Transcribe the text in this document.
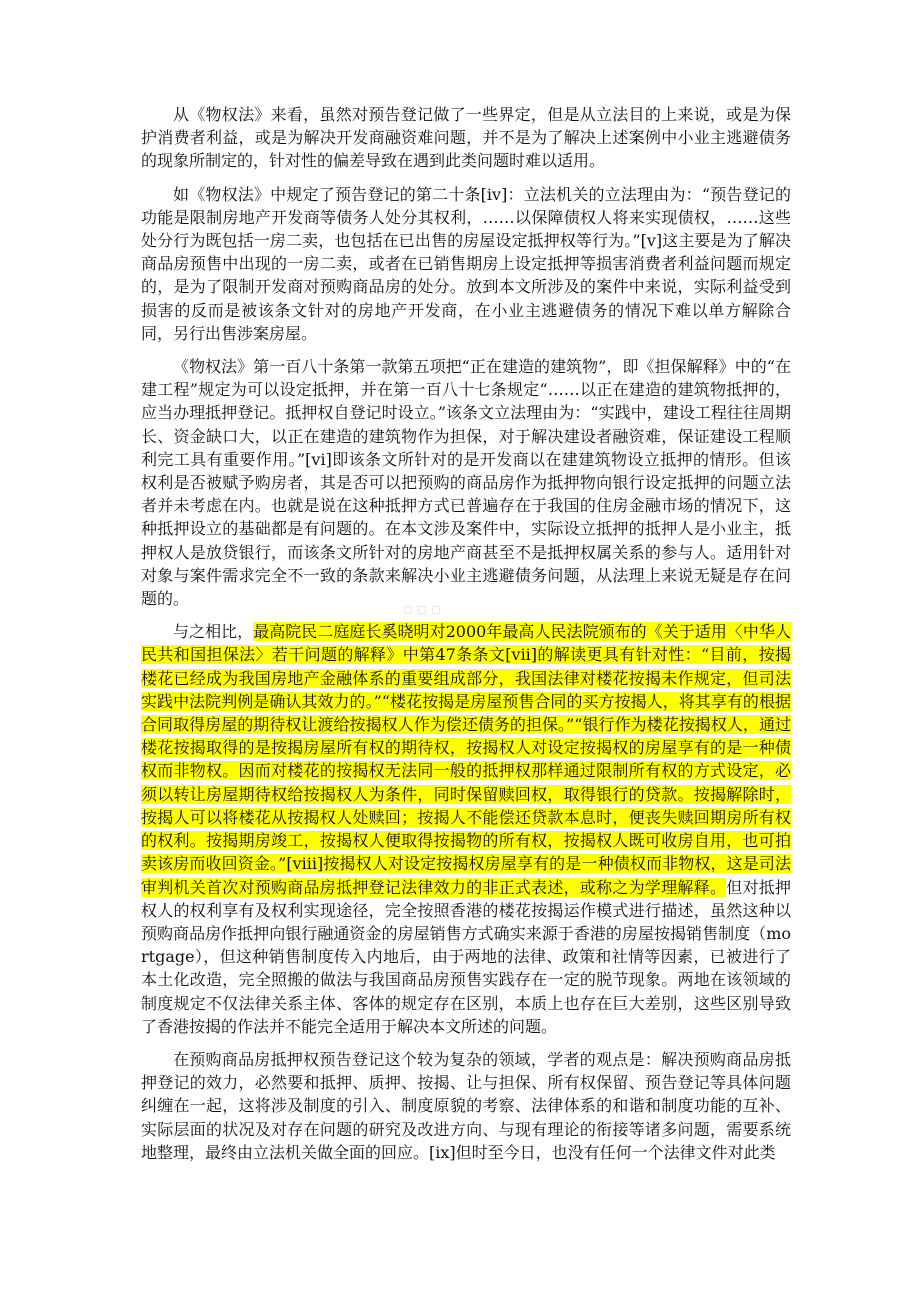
从《物权法》来看，虽然对预告登记做了一些界定，但是从立法目的上来说，或是为保护消费者利益，或是为解决开发商融资难问题，并不是为了解决上述案例中小业主逃避债务的现象所制定的，针对性的偏差导致在遇到此类问题时难以适用。

如《物权法》中规定了预告登记的第二十条[iv]：立法机关的立法理由为：“预告登记的功能是限制房地产开发商等债务人处分其权利，……以保障债权人将来实现债权，……这些处分行为既包括一房二卖，也包括在已出售的房屋设定抵押权等行为。”[v]这主要是为了解决商品房预售中出现的一房二卖，或者在已销售期房上设定抵押等损害消费者利益问题而规定的，是为了限制开发商对预购商品房的处分。放到本文所涉及的案件中来说，实际利益受到损害的反而是被该条文针对的房地产开发商，在小业主逃避债务的情况下难以单方解除合同，另行出售涉案房屋。

《物权法》第一百八十条第一款第五项把“正在建造的建筑物”，即《担保解释》中的“在建工程”规定为可以设定抵押，并在第一百八十七条规定“……以正在建造的建筑物抵押的，应当办理抵押登记。抵押权自登记时设立。”该条文立法理由为：“实践中，建设工程往往周期长、资金缺口大，以正在建造的建筑物作为担保，对于解决建设者融资难，保证建设工程顺利完工具有重要作用。”[vi]即该条文所针对的是开发商以在建建筑物设立抵押的情形。但该权利是否被赋予购房者，其是否可以把预购的商品房作为抵押物向银行设定抵押的问题立法者并未考虑在内。也就是说在这种抵押方式已普遍存在于我国的住房金融市场的情况下，这种抵押设立的基础都是有问题的。在本文涉及案件中，实际设立抵押的抵押人是小业主，抵押权人是放贷银行，而该条文所针对的房地产商甚至不是抵押权属关系的参与人。适用针对对象与案件需求完全不一致的条款来解决小业主逃避债务问题，从法理上来说无疑是存在问题的。

与之相比，最高院民二庭庭长奚晓明对2000年最高人民法院颁布的《关于适用〈中华人民共和国担保法〉若干问题的解释》中第47条条文[vii]的解读更具有针对性：“目前，按揭楼花已经成为我国房地产金融体系的重要组成部分，我国法律对楼花按揭未作规定，但司法实践中法院判例是确认其效力的。”“楼花按揭是房屋预售合同的买方按揭人，将其享有的根据合同取得房屋的期待权让渡给按揭权人作为偿还债务的担保。”“银行作为楼花按揭权人，通过楼花按揭取得的是按揭房屋所有权的期待权，按揭权人对设定按揭权的房屋享有的是一种债权而非物权。因而对楼花的按揭权无法同一般的抵押权那样通过限制所有权的方式设定，必须以转让房屋期待权给按揭权人为条件，同时保留赎回权，取得银行的贷款。按揭解除时，按揭人可以将楼花从按揭权人处赎回；按揭人不能偿还贷款本息时，便丧失赎回期房所有权的权利。按揭期房竣工，按揭权人便取得按揭物的所有权，按揭权人既可收房自用，也可拍卖该房而收回资金。”[viii]按揭权人对设定按揭权房屋享有的是一种债权而非物权，这是司法审判机关首次对预购商品房抵押登记法律效力的非正式表述，或称之为学理解释。但对抵押权人的权利享有及权利实现途径，完全按照香港的楼花按揭运作模式进行描述，虽然这种以预购商品房作抵押向银行融通资金的房屋销售方式确实来源于香港的房屋按揭销售制度（mortgage），但这种销售制度传入内地后，由于两地的法律、政策和社情等因素，已被进行了本土化改造，完全照搬的做法与我国商品房预售实践存在一定的脱节现象。两地在该领域的制度规定不仅法律关系主体、客体的规定存在区别，本质上也存在巨大差别，这些区别导致了香港按揭的作法并不能完全适用于解决本文所述的问题。

在预购商品房抵押权预告登记这个较为复杂的领域，学者的观点是：解决预购商品房抵押登记的效力，必然要和抵押、质押、按揭、让与担保、所有权保留、预告登记等具体问题纠缠在一起，这将涉及制度的引入、制度原貌的考察、法律体系的和谐和制度功能的互补、实际层面的状况及对存在问题的研究及改进方向、与现有理论的衔接等诸多问题，需要系统地整理，最终由立法机关做全面的回应。[ix]但时至今日，也没有任何一个法律文件对此类
